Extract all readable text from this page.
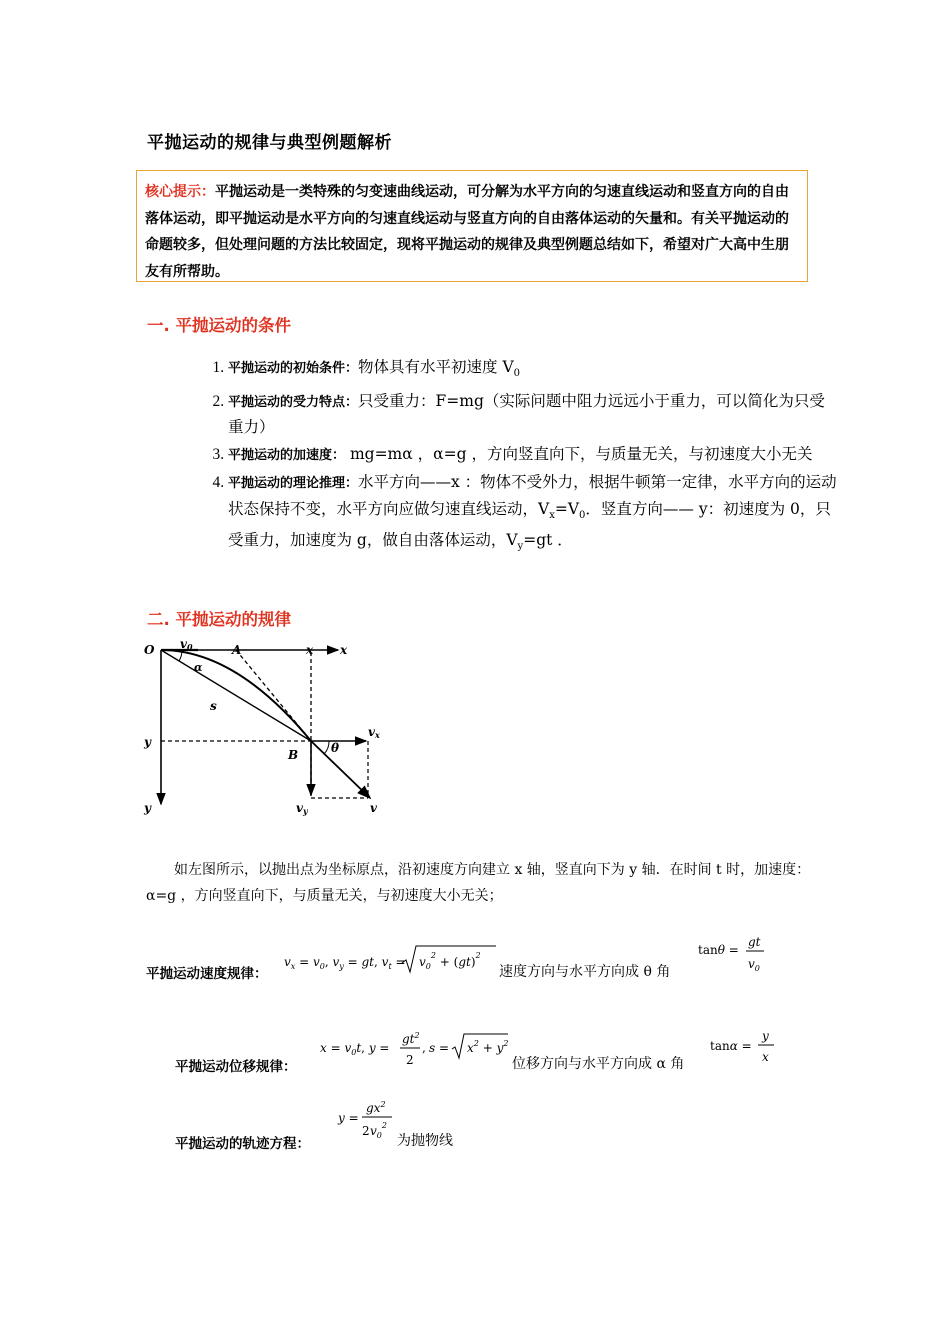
平抛运动的规律与典型例题解析
核心提示：平抛运动是一类特殊的匀变速曲线运动，可分解为水平方向的匀速直线运动和竖直方向的自由落体运动，即平抛运动是水平方向的匀速直线运动与竖直方向的自由落体运动的矢量和。有关平抛运动的命题较多，但处理问题的方法比较固定，现将平抛运动的规律及典型例题总结如下，希望对广大高中生朋友有所帮助。
一. 平抛运动的条件
1. 平抛运动的初始条件：物体具有水平初速度 $V_0$
2. 平抛运动的受力特点：只受重力：F=mg（实际问题中阻力远远小于重力，可以简化为只受重力）
3. 平抛运动的加速度： mg=mα ，α=g ，方向竖直向下，与质量无关，与初速度大小无关
4. 平抛运动的理论推理：水平方向——x ：物体不受外力，根据牛顿第一定律，水平方向的运动状态保持不变，水平方向应做匀速直线运动，$V_x=V_0$．竖直方向—— y：初速度为 0，只受重力，加速度为 g，做自由落体运动，$V_y=gt$ ．
二. 平抛运动的规律
O v0	A	x x
α
s
y
y
B	θ
vx
vy	v
如左图所示，以抛出点为坐标原点，沿初速度方向建立 x 轴，竖直向下为 y 轴．在时间 t 时，加速度：α=g ，方向竖直向下，与质量无关，与初速度大小无关；
平抛运动速度规律：
$v_x = v_0$, $v_y$ = gt, $v_t = v_0^2 + (gt)^2$
速度方向与水平方向成 θ 角
tanθ =
gt
$v_0$
平抛运动位移规律：
$x = v_0t$, y =
$gt^2$
2
, $s = x^2 + y^2$
位移方向与水平方向成 α 角
tanα =
y
x
平抛运动的轨迹方程：
y =
$gx^2$
2 $v_0^2$
为抛物线
